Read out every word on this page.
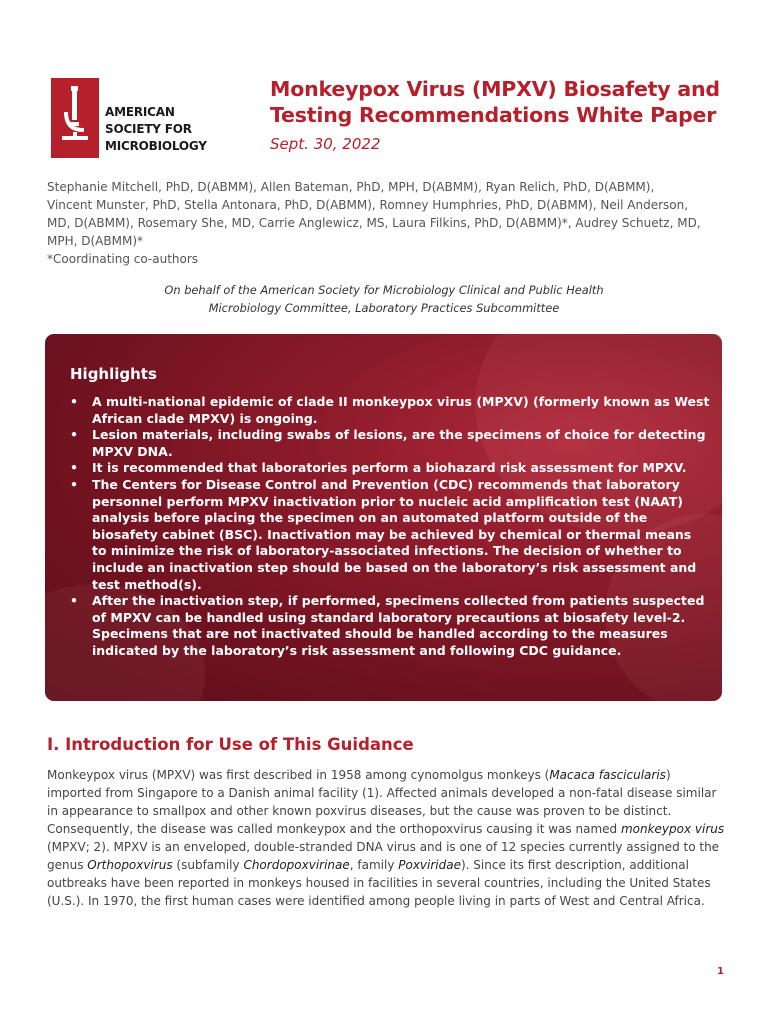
AMERICAN
SOCIETY FOR
MICROBIOLOGY
Monkeypox Virus (MPXV) Biosafety and
Testing Recommendations White Paper
Sept. 30, 2022
Stephanie Mitchell, PhD, D(ABMM), Allen Bateman, PhD, MPH, D(ABMM), Ryan Relich, PhD, D(ABMM),
Vincent Munster, PhD, Stella Antonara, PhD, D(ABMM), Romney Humphries, PhD, D(ABMM), Neil Anderson,
MD, D(ABMM), Rosemary She, MD, Carrie Anglewicz, MS, Laura Filkins, PhD, D(ABMM)*, Audrey Schuetz, MD,
MPH, D(ABMM)*
*Coordinating co-authors
On behalf of the American Society for Microbiology Clinical and Public Health
Microbiology Committee, Laboratory Practices Subcommittee
Highlights
• A multi-national epidemic of clade II monkeypox virus (MPXV) (formerly known as West African clade MPXV) is ongoing.
• Lesion materials, including swabs of lesions, are the specimens of choice for detecting MPXV DNA.
• It is recommended that laboratories perform a biohazard risk assessment for MPXV.
• The Centers for Disease Control and Prevention (CDC) recommends that laboratory personnel perform MPXV inactivation prior to nucleic acid amplification test (NAAT) analysis before placing the specimen on an automated platform outside of the biosafety cabinet (BSC). Inactivation may be achieved by chemical or thermal means to minimize the risk of laboratory-associated infections. The decision of whether to include an inactivation step should be based on the laboratory’s risk assessment and test method(s).
• After the inactivation step, if performed, specimens collected from patients suspected of MPXV can be handled using standard laboratory precautions at biosafety level-2. Specimens that are not inactivated should be handled according to the measures indicated by the laboratory’s risk assessment and following CDC guidance.
I. Introduction for Use of This Guidance
Monkeypox virus (MPXV) was first described in 1958 among cynomolgus monkeys (Macaca fascicularis) imported from Singapore to a Danish animal facility (1). Affected animals developed a non-fatal disease similar in appearance to smallpox and other known poxvirus diseases, but the cause was proven to be distinct. Consequently, the disease was called monkeypox and the orthopoxvirus causing it was named monkeypox virus (MPXV; 2). MPXV is an enveloped, double-stranded DNA virus and is one of 12 species currently assigned to the genus Orthopoxvirus (subfamily Chordopoxvirinae, family Poxviridae). Since its first description, additional outbreaks have been reported in monkeys housed in facilities in several countries, including the United States (U.S.). In 1970, the first human cases were identified among people living in parts of West and Central Africa.
1
